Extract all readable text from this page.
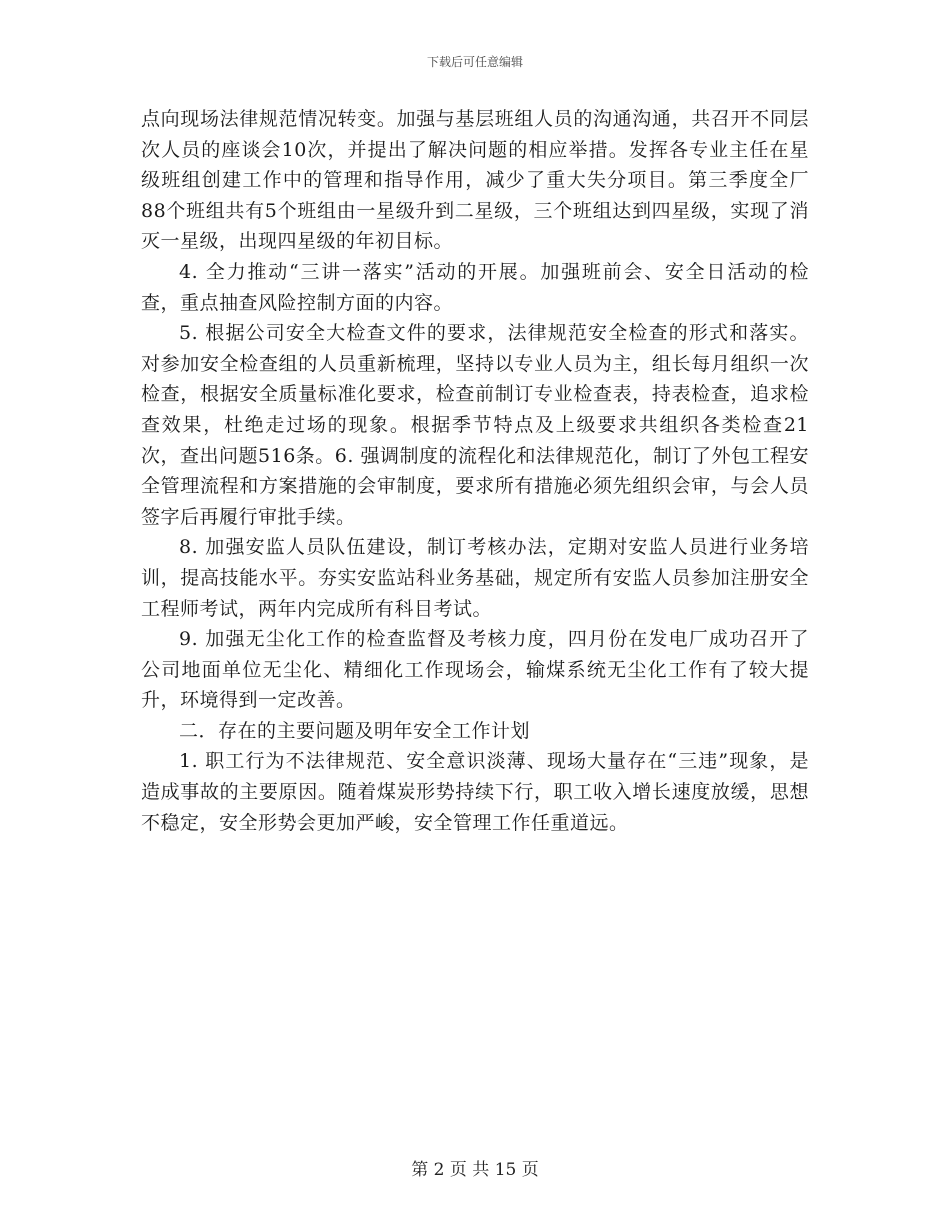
下载后可任意编辑

点向现场法律规范情况转变。加强与基层班组人员的沟通沟通，共召开不同层次人员的座谈会10次，并提出了解决问题的相应举措。发挥各专业主任在星级班组创建工作中的管理和指导作用，减少了重大失分项目。第三季度全厂88个班组共有5个班组由一星级升到二星级，三个班组达到四星级，实现了消灭一星级，出现四星级的年初目标。

4. 全力推动“三讲一落实”活动的开展。加强班前会、安全日活动的检查，重点抽查风险控制方面的内容。

5. 根据公司安全大检查文件的要求，法律规范安全检查的形式和落实。对参加安全检查组的人员重新梳理，坚持以专业人员为主，组长每月组织一次检查，根据安全质量标准化要求，检查前制订专业检查表，持表检查，追求检查效果，杜绝走过场的现象。根据季节特点及上级要求共组织各类检查21次，查出问题516条。6. 强调制度的流程化和法律规范化，制订了外包工程安全管理流程和方案措施的会审制度，要求所有措施必须先组织会审，与会人员签字后再履行审批手续。

8. 加强安监人员队伍建设，制订考核办法，定期对安监人员进行业务培训，提高技能水平。夯实安监站科业务基础，规定所有安监人员参加注册安全工程师考试，两年内完成所有科目考试。

9. 加强无尘化工作的检查监督及考核力度，四月份在发电厂成功召开了公司地面单位无尘化、精细化工作现场会，输煤系统无尘化工作有了较大提升，环境得到一定改善。

二．存在的主要问题及明年安全工作计划

1. 职工行为不法律规范、安全意识淡薄、现场大量存在“三违”现象，是造成事故的主要原因。随着煤炭形势持续下行，职工收入增长速度放缓，思想不稳定，安全形势会更加严峻，安全管理工作任重道远。

第 2 页 共 15 页
